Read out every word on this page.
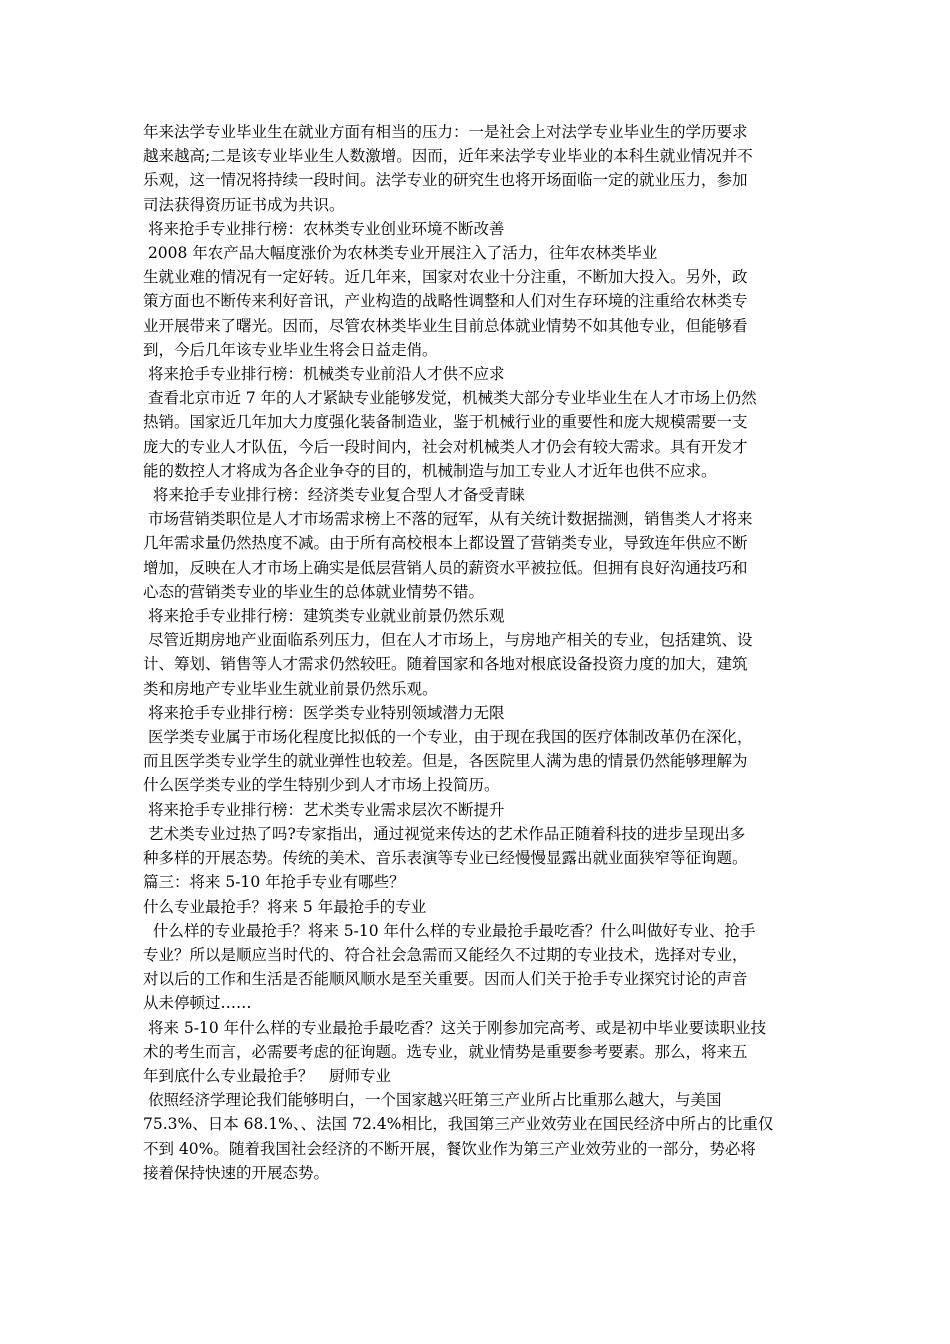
年来法学专业毕业生在就业方面有相当的压力：一是社会上对法学专业毕业生的学历要求

越来越高;二是该专业毕业生人数激增。因而，近年来法学专业毕业的本科生就业情况并不

乐观，这一情况将持续一段时间。法学专业的研究生也将开场面临一定的就业压力，参加

司法获得资历证书成为共识。

将来抢手专业排行榜：农林类专业创业环境不断改善

2008 年农产品大幅度涨价为农林类专业开展注入了活力，往年农林类毕业

生就业难的情况有一定好转。近几年来，国家对农业十分注重，不断加大投入。另外，政

策方面也不断传来利好音讯，产业构造的战略性调整和人们对生存环境的注重给农林类专

业开展带来了曙光。因而，尽管农林类毕业生目前总体就业情势不如其他专业，但能够看

到，今后几年该专业毕业生将会日益走俏。

将来抢手专业排行榜：机械类专业前沿人才供不应求

查看北京市近 7 年的人才紧缺专业能够发觉，机械类大部分专业毕业生在人才市场上仍然

热销。国家近几年加大力度强化装备制造业，鉴于机械行业的重要性和庞大规模需要一支

庞大的专业人才队伍，今后一段时间内，社会对机械类人才仍会有较大需求。具有开发才

能的数控人才将成为各企业争夺的目的，机械制造与加工专业人才近年也供不应求。

将来抢手专业排行榜：经济类专业复合型人才备受青睐

市场营销类职位是人才市场需求榜上不落的冠军，从有关统计数据揣测，销售类人才将来

几年需求量仍然热度不减。由于所有高校根本上都设置了营销类专业，导致连年供应不断

增加，反映在人才市场上确实是低层营销人员的薪资水平被拉低。但拥有良好沟通技巧和

心态的营销类专业的毕业生的总体就业情势不错。

将来抢手专业排行榜：建筑类专业就业前景仍然乐观

尽管近期房地产业面临系列压力，但在人才市场上，与房地产相关的专业，包括建筑、设

计、筹划、销售等人才需求仍然较旺。随着国家和各地对根底设备投资力度的加大，建筑

类和房地产专业毕业生就业前景仍然乐观。

将来抢手专业排行榜：医学类专业特别领域潜力无限

医学类专业属于市场化程度比拟低的一个专业，由于现在我国的医疗体制改革仍在深化，

而且医学类专业学生的就业弹性也较差。但是，各医院里人满为患的情景仍然能够理解为

什么医学类专业的学生特别少到人才市场上投简历。

将来抢手专业排行榜：艺术类专业需求层次不断提升

艺术类专业过热了吗?专家指出，通过视觉来传达的艺术作品正随着科技的进步呈现出多

种多样的开展态势。传统的美术、音乐表演等专业已经慢慢显露出就业面狭窄等征询题。

篇三：将来 5-10 年抢手专业有哪些？

什么专业最抢手？将来 5 年最抢手的专业

什么样的专业最抢手？将来 5-10 年什么样的专业最抢手最吃香？什么叫做好专业、抢手

专业？所以是顺应当时代的、符合社会急需而又能经久不过期的专业技术，选择对专业，

对以后的工作和生活是否能顺风顺水是至关重要。因而人们关于抢手专业探究讨论的声音

从未停顿过……

将来 5-10 年什么样的专业最抢手最吃香？这关于刚参加完高考、或是初中毕业要读职业技

术的考生而言，必需要考虑的征询题。选专业，就业情势是重要参考要素。那么，将来五

年到底什么专业最抢手？　厨师专业

依照经济学理论我们能够明白，一个国家越兴旺第三产业所占比重那么越大，与美国

75.3%、日本 68.1%、、法国 72.4%相比，我国第三产业效劳业在国民经济中所占的比重仅

不到 40%。随着我国社会经济的不断开展，餐饮业作为第三产业效劳业的一部分，势必将

接着保持快速的开展态势。
